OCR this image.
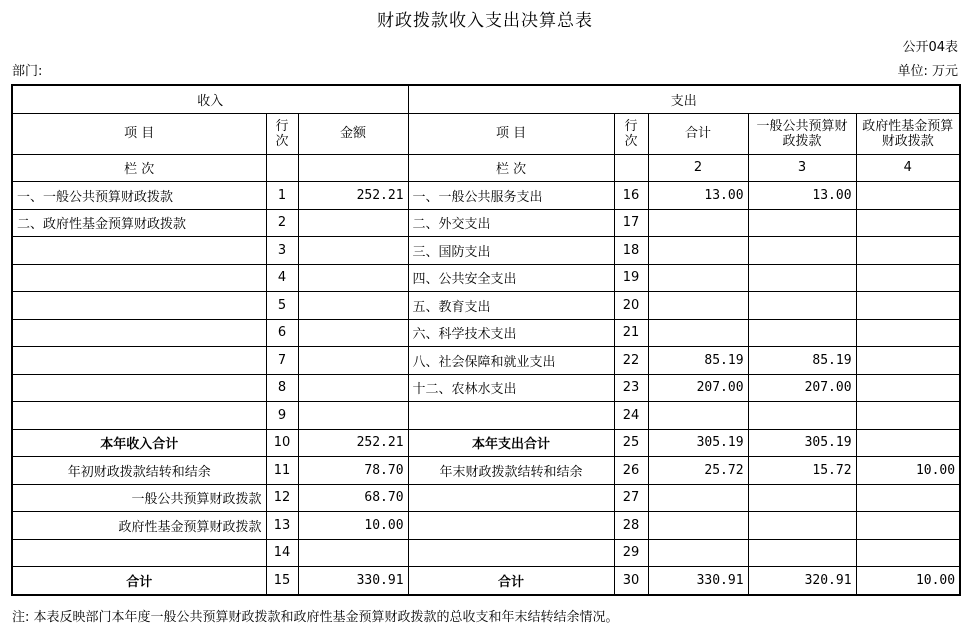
财政拨款收入支出决算总表
公开04表
部门:	单位: 万元
收入			支出				
项 目	行次	金额	项 目	行次	合计	一般公共预算财政拨款	政府性基金预算财政拨款
栏 次			栏 次		2	3	4
一、一般公共预算财政拨款	1	252.21	一、一般公共服务支出	16	13.00	13.00	
二、政府性基金预算财政拨款	2		二、外交支出	17			
	3		三、国防支出	18			
	4		四、公共安全支出	19			
	5		五、教育支出	20			
	6		六、科学技术支出	21			
	7		八、社会保障和就业支出	22	85.19	85.19	
	8		十二、农林水支出	23	207.00	207.00	
	9			24			
本年收入合计	10	252.21	本年支出合计	25	305.19	305.19	
年初财政拨款结转和结余	11	78.70	年末财政拨款结转和结余	26	25.72	15.72	10.00
一般公共预算财政拨款	12	68.70		27			
政府性基金预算财政拨款	13	10.00		28			
	14			29			
合计	15	330.91	合计	30	330.91	320.91	10.00
注: 本表反映部门本年度一般公共预算财政拨款和政府性基金预算财政拨款的总收支和年末结转结余情况。
